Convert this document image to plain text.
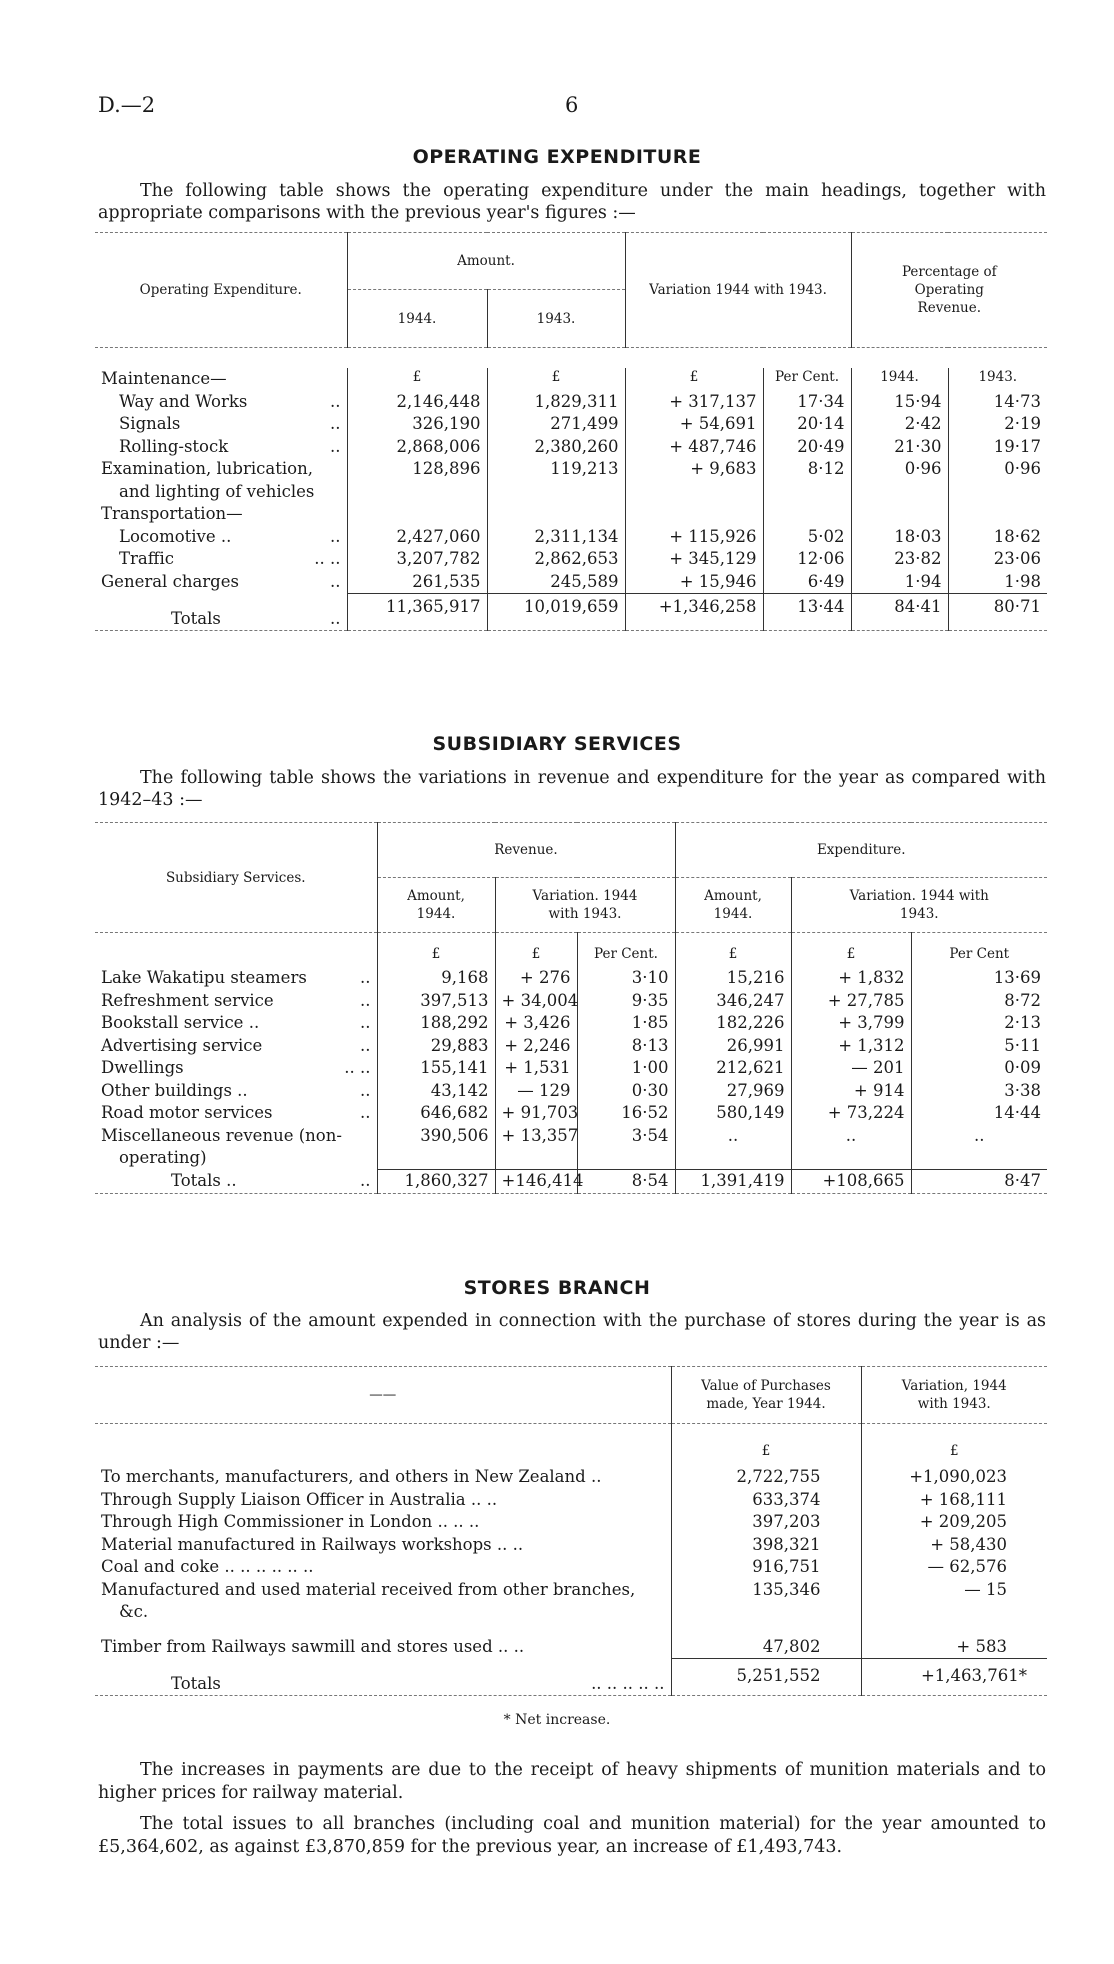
D.—2	6
OPERATING EXPENDITURE

The following table shows the operating expenditure under the main headings, together with appropriate comparisons with the previous year's figures :—

Operating Expenditure.	Amount.		Variation 1944 with 1943.		Percentage of Operating Revenue.	
	1944.	1943.				

Maintenance—	£	£	£	Per Cent.	1944.	1943.
Way and Works ..	2,146,448	1,829,311	+ 317,137	17·34	15·94	14·73
Signals ..	326,190	271,499	+ 54,691	20·14	2·42	2·19
Rolling-stock ..	2,868,006	2,380,260	+ 487,746	20·49	21·30	19·17
Examination, lubrication,	128,896	119,213	+ 9,683	8·12	0·96	0·96
and lighting of vehicles						
Transportation—						
Locomotive .. ..	2,427,060	2,311,134	+ 115,926	5·02	18·03	18·62
Traffic .. ..	3,207,782	2,862,653	+ 345,129	12·06	23·82	23·06
General charges ..	261,535	245,589	+ 15,946	6·49	1·94	1·98
Totals ..	11,365,917	10,019,659	+1,346,258	13·44	84·41	80·71
SUBSIDIARY SERVICES

The following table shows the variations in revenue and expenditure for the year as compared with 1942–43 :—

Subsidiary Services.	Revenue.			Expenditure.		
	Amount, 1944.	Variation. 1944 with 1943.		Amount, 1944.	Variation. 1944 with 1943.	
	£	£	Per Cent.	£	£	Per Cent
Lake Wakatipu steamers ..	9,168	+ 276	3·10	15,216	+ 1,832	13·69
Refreshment service ..	397,513	+ 34,004	9·35	346,247	+ 27,785	8·72
Bookstall service .. ..	188,292	+ 3,426	1·85	182,226	+ 3,799	2·13
Advertising service ..	29,883	+ 2,246	8·13	26,991	+ 1,312	5·11
Dwellings .. ..	155,141	+ 1,531	1·00	212,621	— 201	0·09
Other buildings .. ..	43,142	— 129	0·30	27,969	+ 914	3·38
Road motor services ..	646,682	+ 91,703	16·52	580,149	+ 73,224	14·44
Miscellaneous revenue (non-	390,506	+ 13,357	3·54	..	..	..
operating)						
Totals .. ..	1,860,327	+146,414	8·54	1,391,419	+108,665	8·47
STORES BRANCH

An analysis of the amount expended in connection with the purchase of stores during the year is as under :—

——	Value of Purchases made, Year 1944.	Variation, 1944 with 1943.
	£	£
To merchants, manufacturers, and others in New Zealand ..	2,722,755	+1,090,023
Through Supply Liaison Officer in Australia .. ..	633,374	+ 168,111
Through High Commissioner in London .. .. ..	397,203	+ 209,205
Material manufactured in Railways workshops .. ..	398,321	+ 58,430
Coal and coke .. .. .. .. .. ..	916,751	— 62,576
Manufactured and used material received from other branches,	135,346	— 15
&c.		
Timber from Railways sawmill and stores used .. ..	47,802	+ 583
Totals .. .. .. .. ..	5,251,552	+1,463,761*
* Net increase.

The increases in payments are due to the receipt of heavy shipments of munition materials and to higher prices for railway material.

The total issues to all branches (including coal and munition material) for the year amounted to £5,364,602, as against £3,870,859 for the previous year, an increase of £1,493,743.
